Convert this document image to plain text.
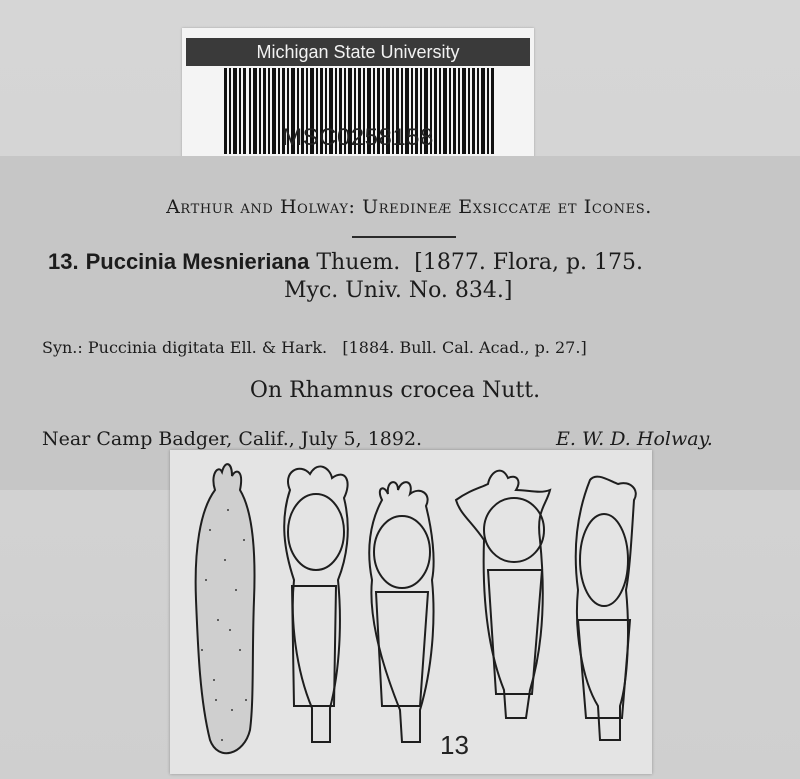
Michigan State University
MSC0258158
Arthur and Holway: Uredineæ Exsiccatæ et Icones.
13. Puccinia Mesnieriana Thuem. [1877. Flora, p. 175.
Myc. Univ. No. 834.]
Syn.: Puccinia digitata Ell. & Hark.   [1884. Bull. Cal. Acad., p. 27.]
On Rhamnus crocea Nutt.
Near Camp Badger, Calif., July 5, 1892.	E. W. D. Holway.
13
